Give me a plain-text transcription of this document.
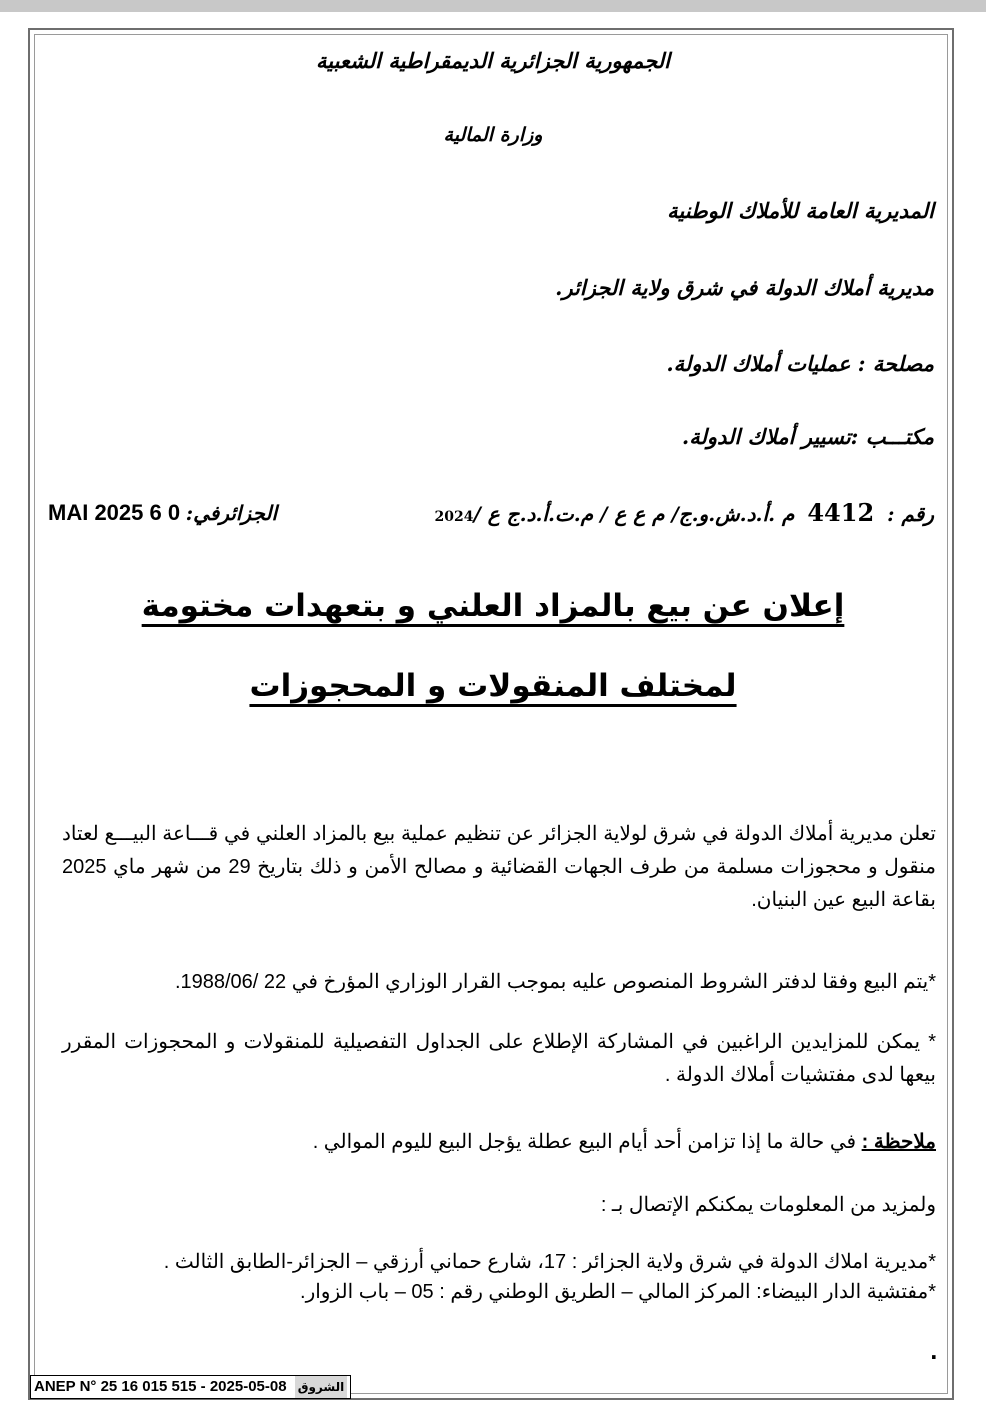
الجمهورية الجزائرية الديمقراطية الشعبية
وزارة المالية
المديرية العامة للأملاك الوطنية
مديرية أملاك الدولة في شرق ولاية الجزائر.
مصلحة : عمليات أملاك الدولة.
مكتـــب :تسيير أملاك الدولة.
رقم : 4412 م .أ.د.ش.و.ج/ م ع ع / م.ت.أ.د.ج ع /2024
الجزائرفي: 0 6 MAI 2025
إعلان عن بيع بالمزاد العلني و بتعهدات مختومة
لمختلف المنقولات و المحجوزات

تعلن مديرية أملاك الدولة في شرق لولاية الجزائر عن تنظيم عملية بيع بالمزاد العلني في قـــاعة البيـــع لعتاد منقول و محجوزات مسلمة من طرف الجهات القضائية و مصالح الأمن و ذلك بتاريخ 29 من شهر ماي 2025 بقاعة البيع عين البنيان.

*يتم البيع وفقا لدفتر الشروط المنصوص عليه بموجب القرار الوزاري المؤرخ في 22 /1988/06.

* يمكن للمزايدين الراغبين في المشاركة الإطلاع على الجداول التفصيلية للمنقولات و المحجوزات المقرر بيعها لدى مفتشيات أملاك الدولة .

ملاحظة : في حالة ما إذا تزامن أحد أيام البيع عطلة يؤجل البيع لليوم الموالي .

ولمزيد من المعلومات يمكنكم الإتصال بـ :

*مديرية املاك الدولة في شرق ولاية الجزائر : 17، شارع حماني أرزقي – الجزائر-الطابق الثالث .

*مفتشية الدار البيضاء: المركز المالي – الطريق الوطني رقم : 05 – باب الزوار.

.
ANEP N° 25 16 015 515 - 2025-05-08 الشروق
